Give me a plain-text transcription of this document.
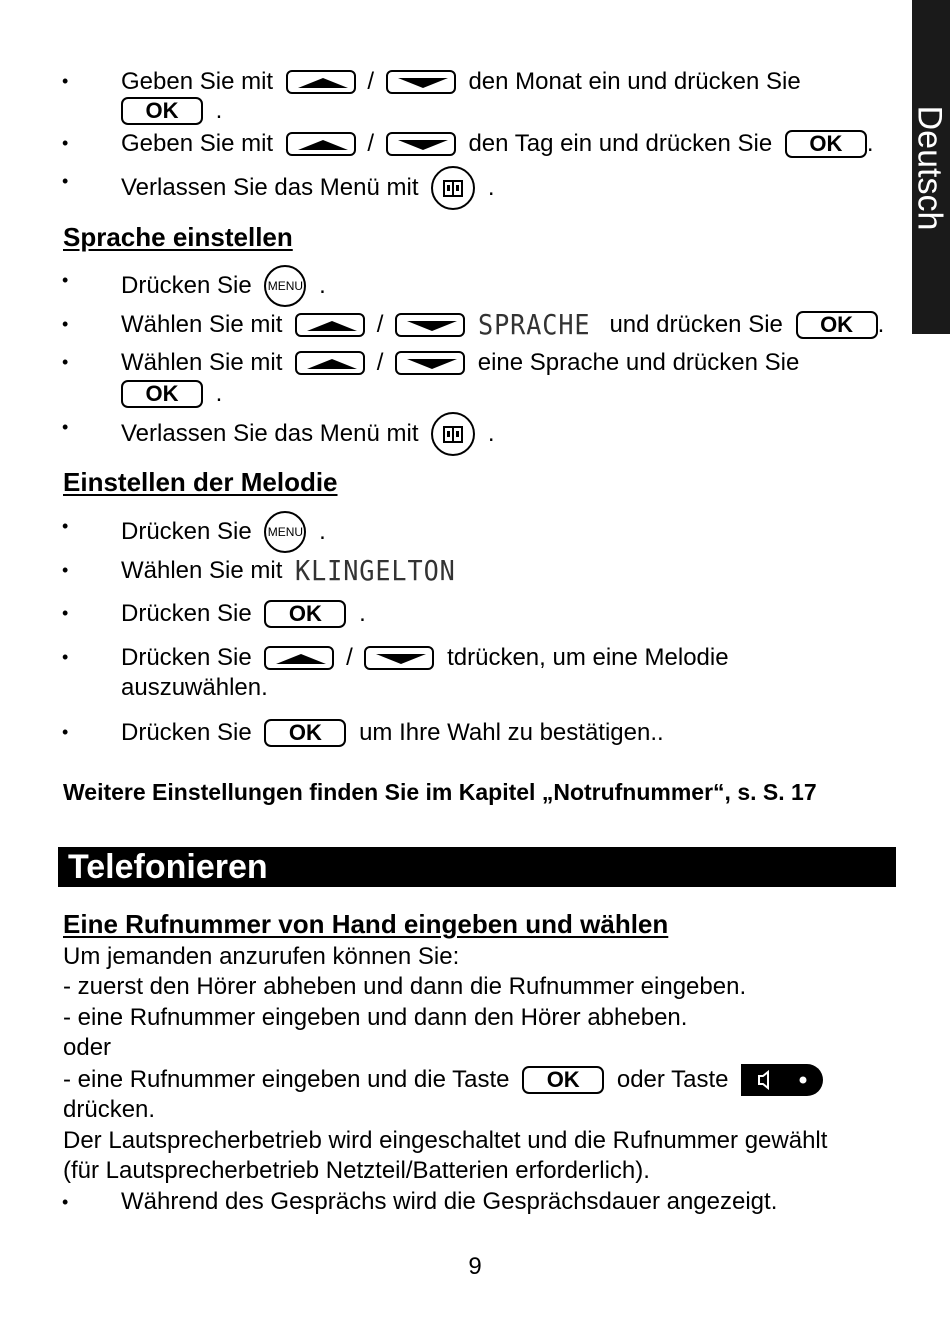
Deutsch
• Geben Sie mit	/	den Monat ein und drücken Sie
OK .
• Geben Sie mit	/	den Tag ein und drücken Sie OK .
• Verlassen Sie das Menü mit	.
Sprache einstellen
• Drücken Sie MENU .
• Wählen Sie mit	/	SPRACHE und drücken Sie OK .
• Wählen Sie mit	/	eine Sprache und drücken Sie
OK .
• Verlassen Sie das Menü mit	.
Einstellen der Melodie
• Drücken Sie MENU .
• Wählen Sie mit KLINGELTON
• Drücken Sie OK .
• Drücken Sie	/	tdrücken, um eine Melodie
auszuwählen.
• Drücken Sie OK um Ihre Wahl zu bestätigen..
Weitere Einstellungen finden Sie im Kapitel „Notrufnummer“, s. S. 17
Telefonieren
Eine Rufnummer von Hand eingeben und wählen
Um jemanden anzurufen können Sie:
- zuerst den Hörer abheben und dann die Rufnummer eingeben.
- eine Rufnummer eingeben und dann den Hörer abheben.
oder
- eine Rufnummer eingeben und die Taste OK oder Taste
drücken.
Der Lautsprecherbetrieb wird eingeschaltet und die Rufnummer gewählt
(für Lautsprecherbetrieb Netzteil/Batterien erforderlich).
• Während des Gesprächs wird die Gesprächsdauer angezeigt.
9
